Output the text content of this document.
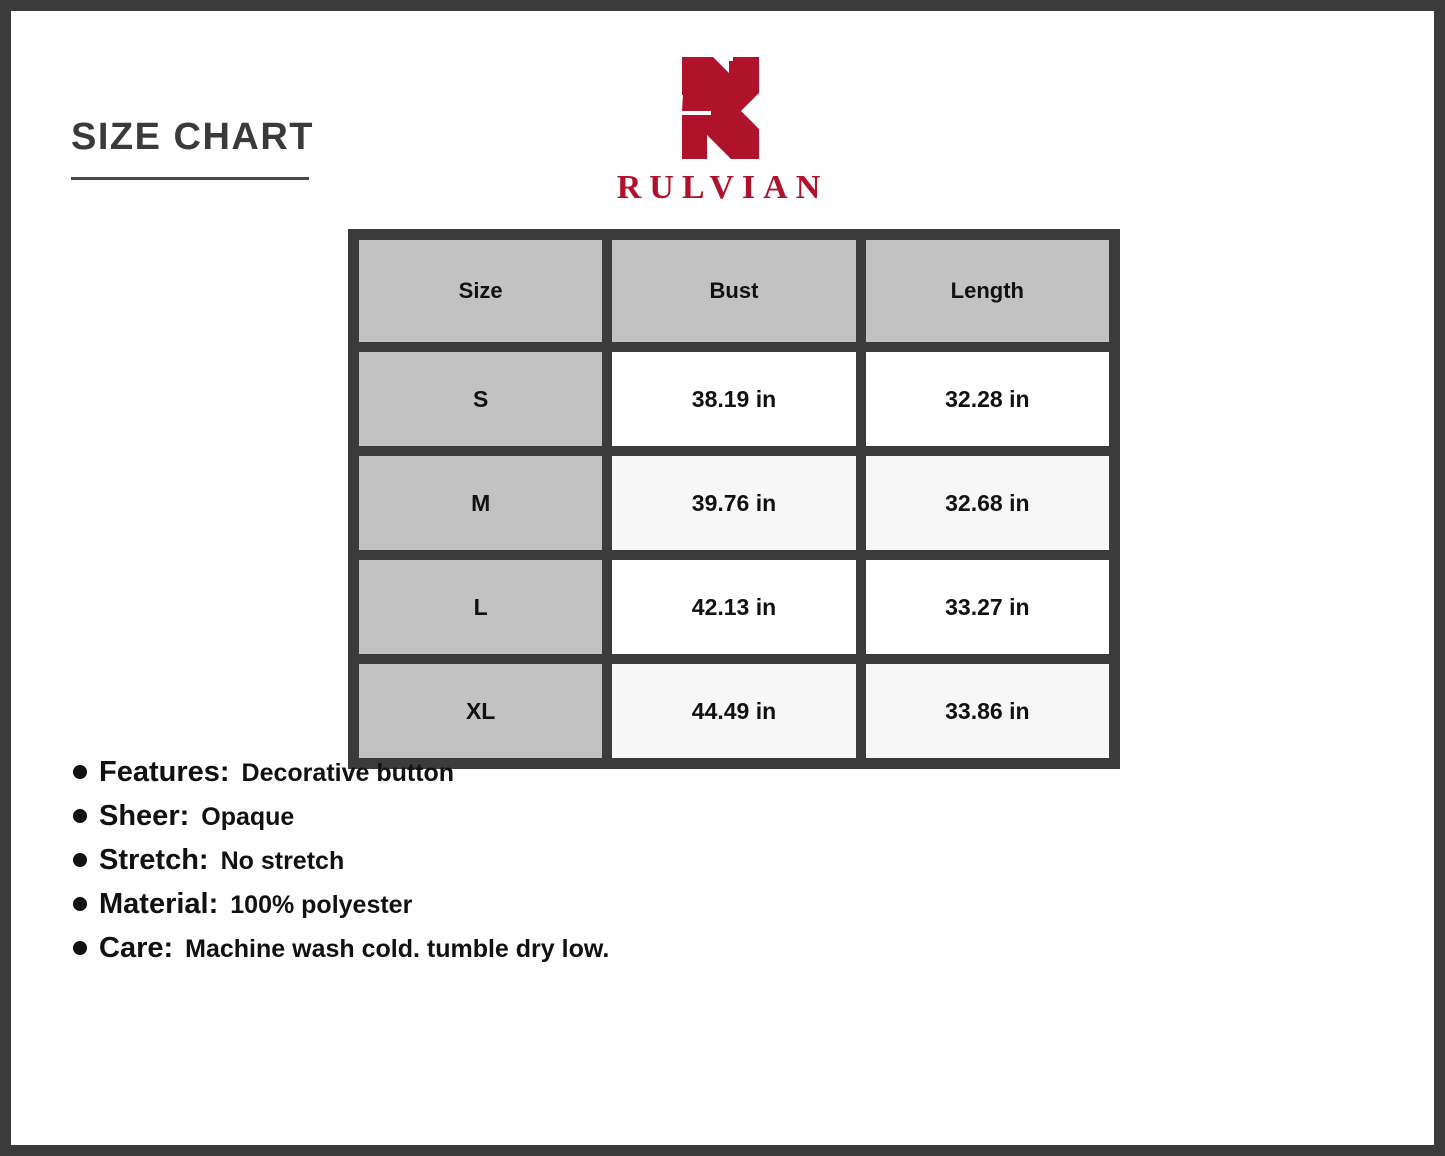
SIZE CHART
RULVIAN
Size	Bust	Length
S	38.19 in	32.28 in
M	39.76 in	32.68 in
L	42.13 in	33.27 in
XL	44.49 in	33.86 in
Features: Decorative button
Sheer: Opaque
Stretch: No stretch
Material: 100% polyester
Care: Machine wash cold. tumble dry low.
